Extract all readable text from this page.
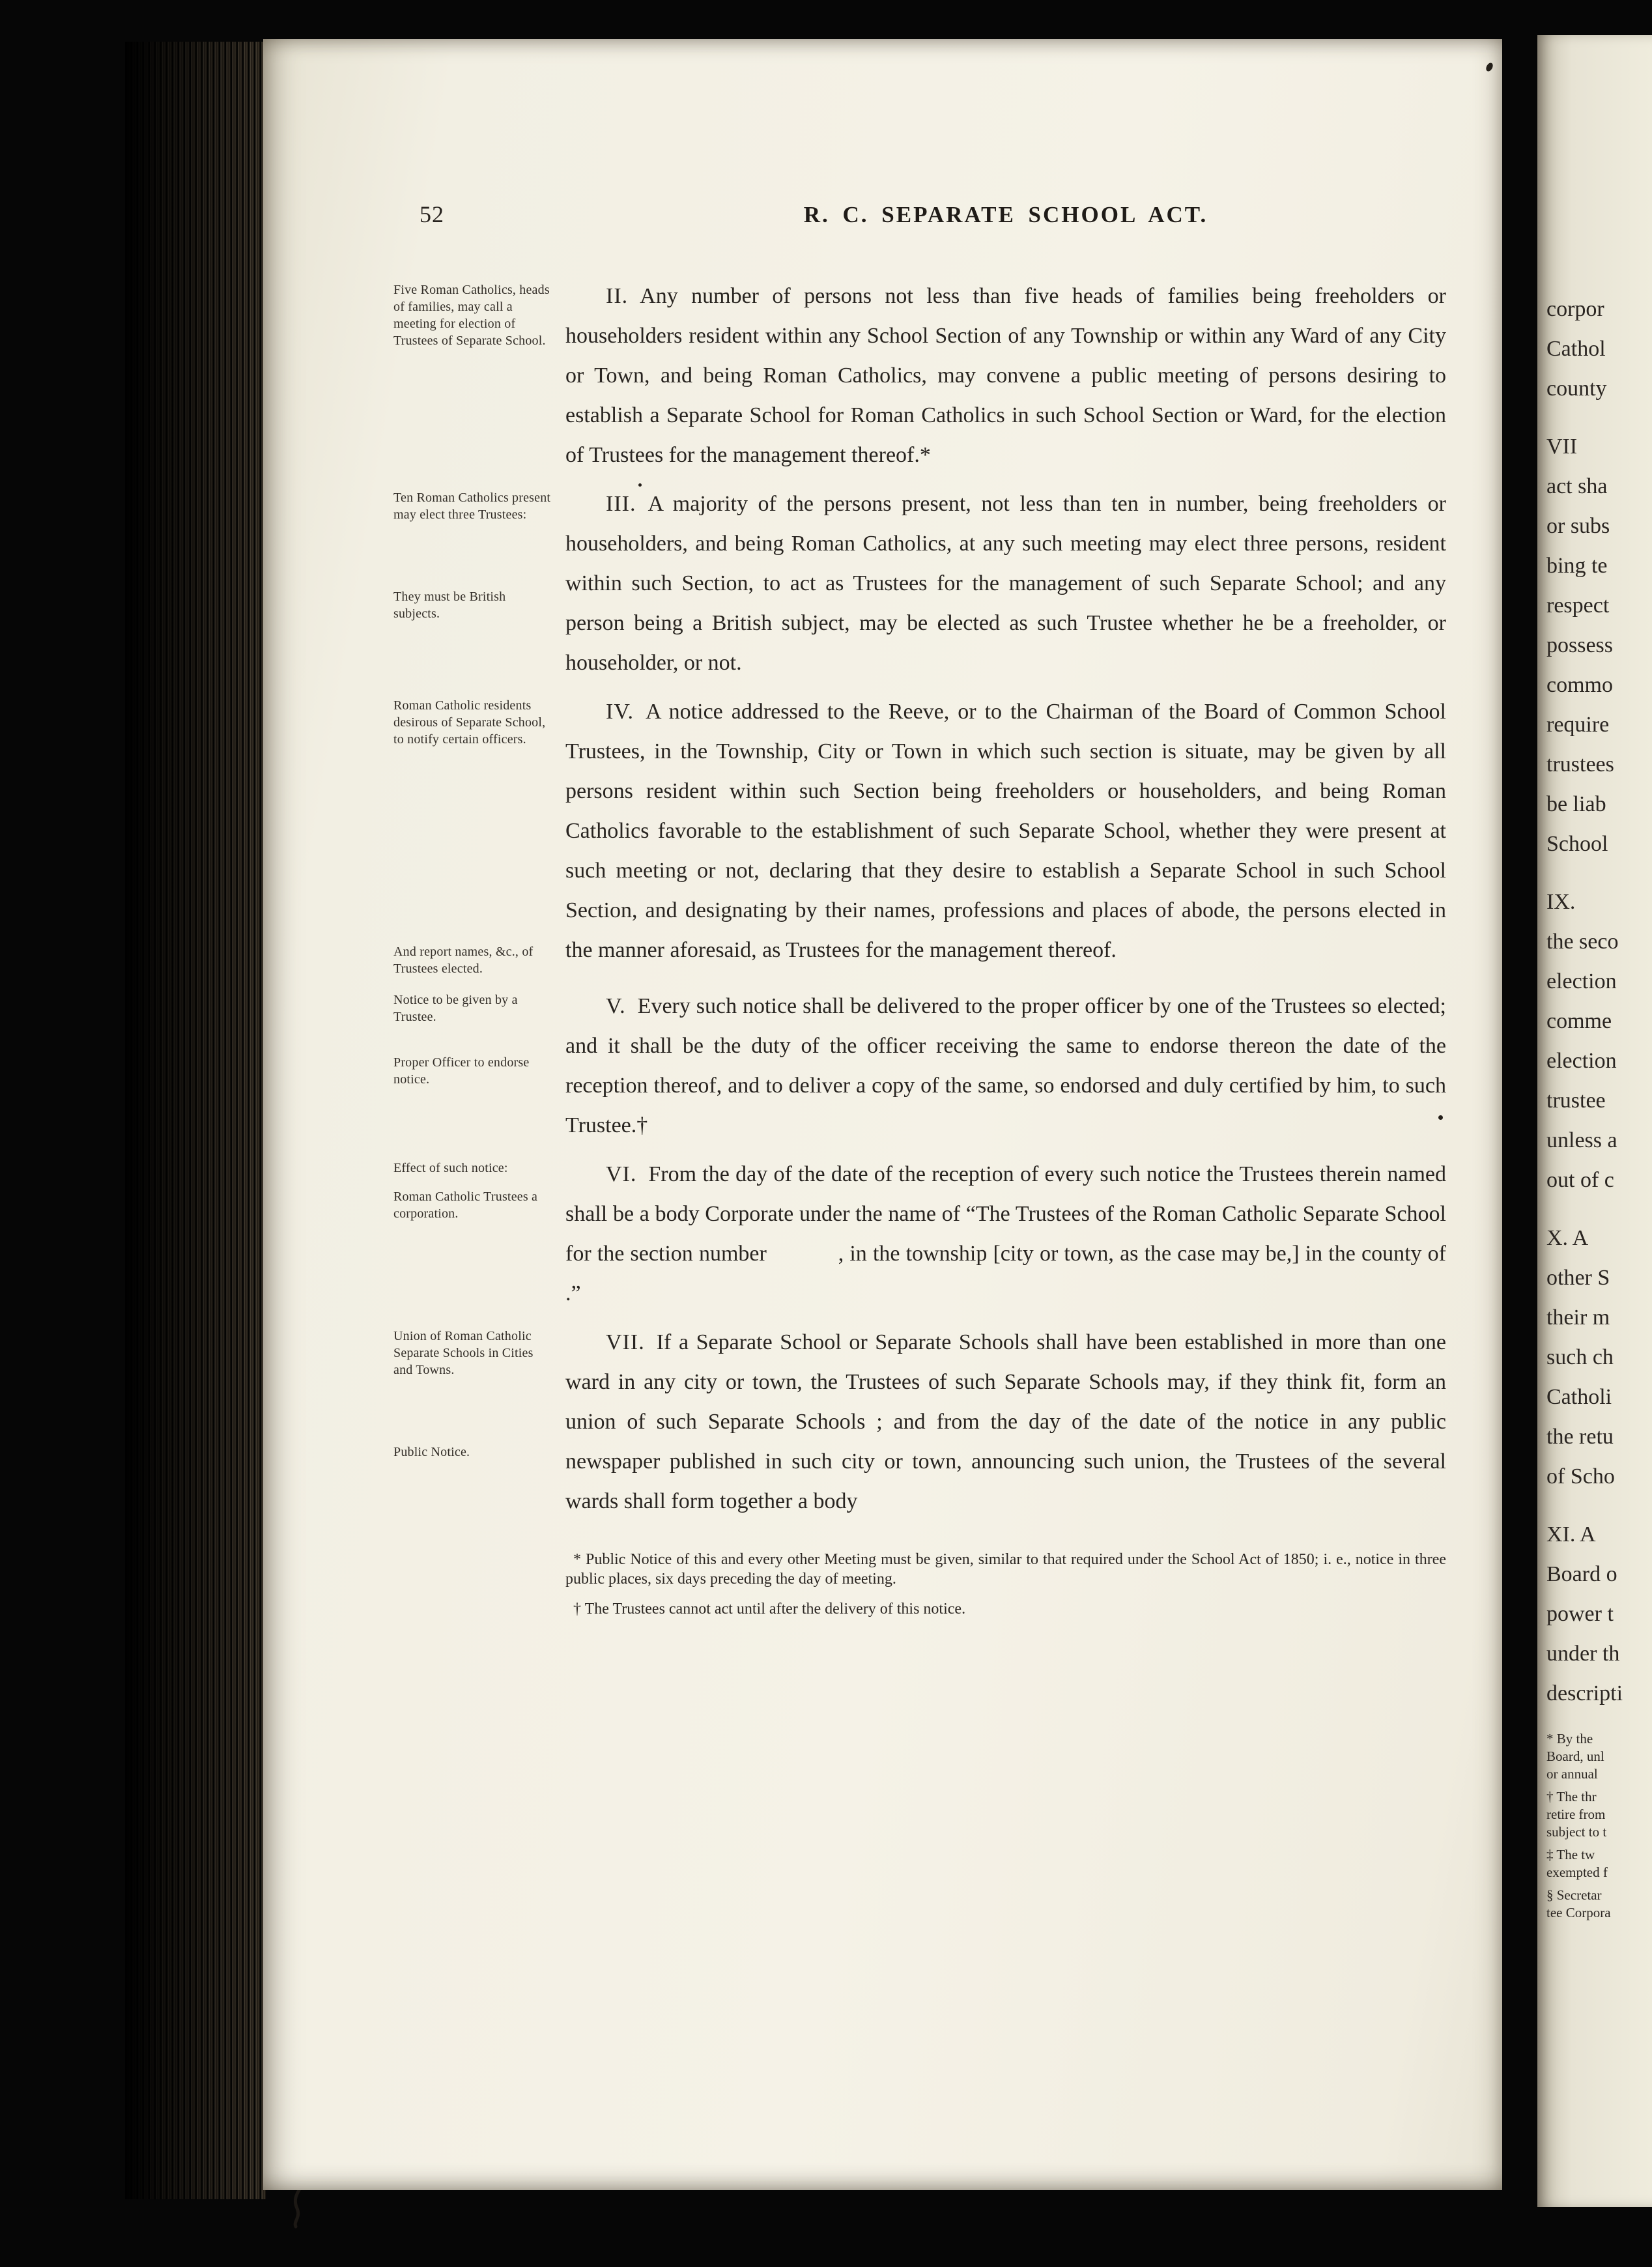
52	R. C. SEPARATE SCHOOL ACT.
Five Roman Catholics, heads of families, may call a meeting for election of Trustees of Separate School.

II. Any number of persons not less than five heads of families being freeholders or householders resident within any School Section of any Township or within any Ward of any City or Town, and being Roman Catholics, may convene a public meeting of persons desiring to establish a Separate School for Roman Catholics in such School Section or Ward, for the election of Trustees for the management thereof.*

Ten Roman Catholics present may elect three Trustees:
They must be British subjects.

III. A majority of the persons present, not less than ten in number, being freeholders or householders, and being Roman Catholics, at any such meeting may elect three persons, resident within such Section, to act as Trustees for the management of such Separate School; and any person being a British subject, may be elected as such Trustee whether he be a freeholder, or householder, or not.

Roman Catholic residents desirous of Separate School, to notify certain officers.
And report names, &c., of Trustees elected.

IV. A notice addressed to the Reeve, or to the Chairman of the Board of Common School Trustees, in the Township, City or Town in which such section is situate, may be given by all persons resident within such Section being freeholders or householders, and being Roman Catholics favorable to the establishment of such Separate School, whether they were present at such meeting or not, declaring that they desire to establish a Separate School in such School Section, and designating by their names, professions and places of abode, the persons elected in the manner aforesaid, as Trustees for the management thereof.

Notice to be given by a Trustee.
Proper Officer to endorse notice.

V. Every such notice shall be delivered to the proper officer by one of the Trustees so elected; and it shall be the duty of the officer receiving the same to endorse thereon the date of the reception thereof, and to deliver a copy of the same, so endorsed and duly certified by him, to such Trustee.†

Effect of such notice:
Roman Catholic Trustees a corporation.

VI. From the day of the date of the reception of every such notice the Trustees therein named shall be a body Corporate under the name of “The Trustees of the Roman Catholic Separate School for the section number            , in the township [city or town, as the case may be,] in the county of            .”

Union of Roman Catholic Separate Schools in Cities and Towns.
Public Notice.

VII. If a Separate School or Separate Schools shall have been established in more than one ward in any city or town, the Trustees of such Separate Schools may, if they think fit, form an union of such Separate Schools ; and from the day of the date of the notice in any public newspaper published in such city or town, announcing such union, the Trustees of the several wards shall form together a body

* Public Notice of this and every other Meeting must be given, similar to that required under the School Act of 1850; i. e., notice in three public places, six days preceding the day of meeting.

† The Trustees cannot act until after the delivery of this notice.

corpor
Cathol
county
VII
act sha
or subs
bing te
respect
possess
commo
require
trustees
be liab
School
IX.
the seco
election
comme
election
trustee
unless a
out of c
X. A
other S
their m
such ch
Catholi
the retu
of Scho
XI. A
Board o
power t
under th
descripti
* By the
Board, unl
or annual
† The thr
retire from
subject to t
‡ The tw
exempted f
§ Secretar
tee Corpora
